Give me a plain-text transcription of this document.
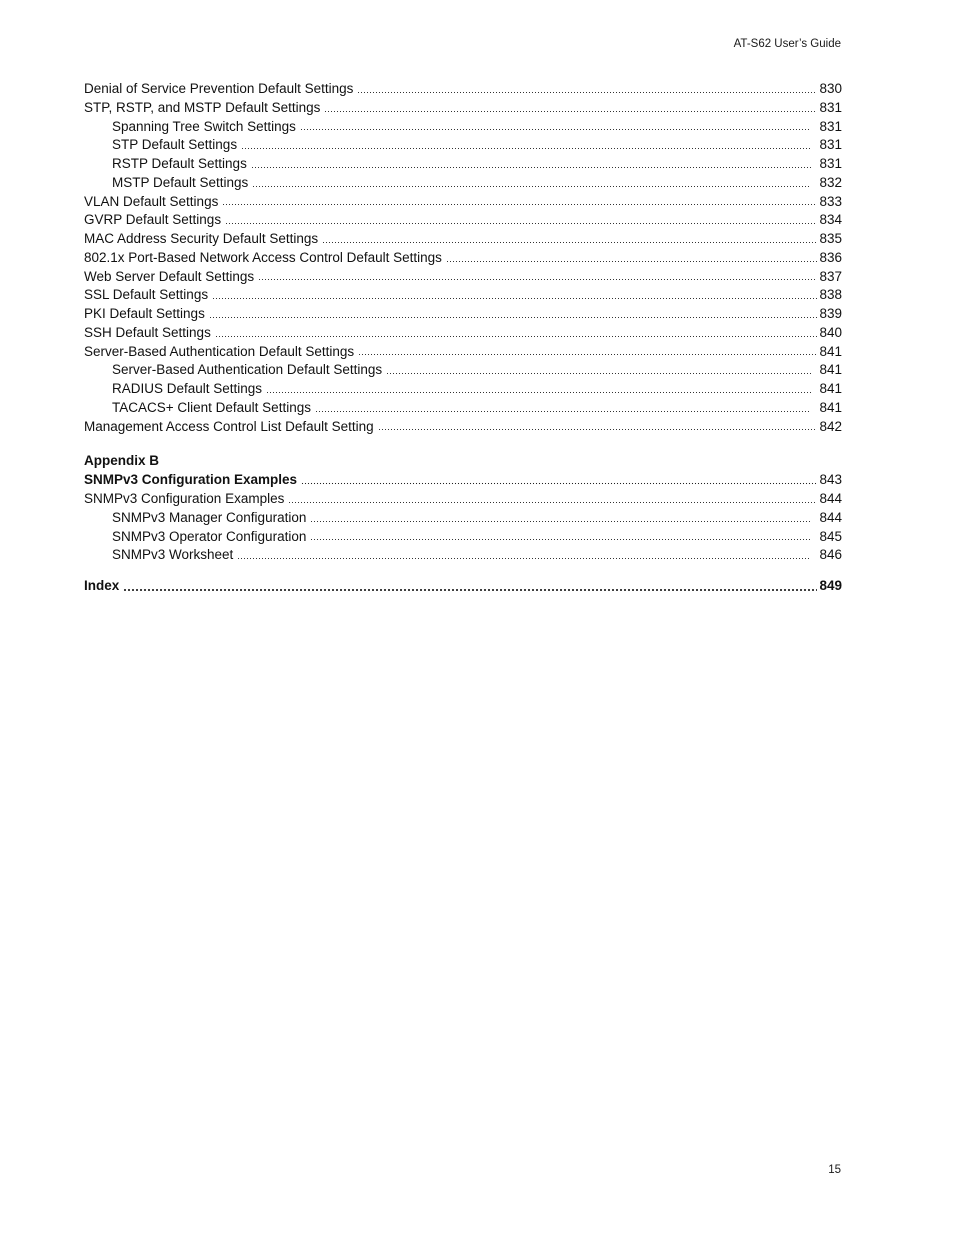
AT-S62 User’s Guide
Denial of Service Prevention Default Settings	830
STP, RSTP, and MSTP Default Settings	831
Spanning Tree Switch Settings	831
STP Default Settings	831
RSTP Default Settings	831
MSTP Default Settings	832
VLAN Default Settings	833
GVRP Default Settings	834
MAC Address Security Default Settings	835
802.1x Port-Based Network Access Control Default Settings	836
Web Server Default Settings	837
SSL Default Settings	838
PKI Default Settings	839
SSH Default Settings	840
Server-Based Authentication Default Settings	841
Server-Based Authentication Default Settings	841
RADIUS Default Settings	841
TACACS+ Client Default Settings	841
Management Access Control List Default Setting	842
Appendix B
SNMPv3 Configuration Examples	843
SNMPv3 Configuration Examples	844
SNMPv3 Manager Configuration	844
SNMPv3 Operator Configuration	845
SNMPv3 Worksheet	846
Index	849
15
